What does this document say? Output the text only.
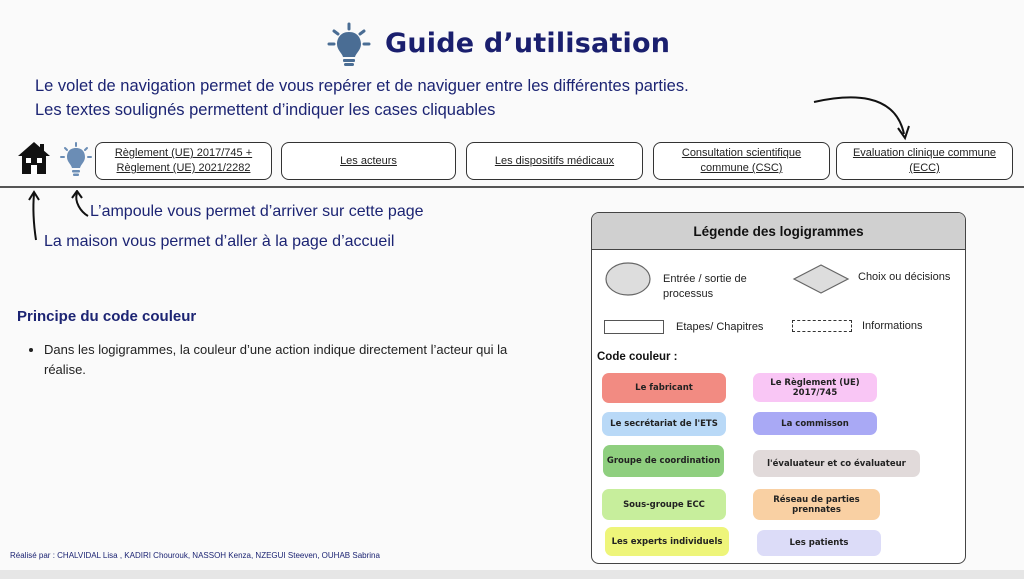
Guide d’utilisation
Le volet de navigation permet de vous repérer et de naviguer entre les différentes parties.
Les textes soulignés permettent d’indiquer les cases cliquables
Règlement (UE) 2017/745 +
Règlement (UE) 2021/2282
Les acteurs	Les dispositifs médicaux
Consultation scientifique
commune (CSC)
Evaluation clinique commune
(ECC)
L’ampoule vous permet d’arriver sur cette page
La maison vous permet d’aller à la page d’accueil
Principe du code couleur
• Dans les logigrammes, la couleur d’une action indique directement l’acteur qui la réalise.
Légende des logigrammes
Entrée / sortie de
processus
Choix ou décisions
Etapes/ Chapitres	Informations
Code couleur :
Le fabricant
Le Règlement (UE) 2017/745
Le secrétariat de l'ETS	La commisson
Groupe de coordination	l'évaluateur et co évaluateur
Sous-groupe ECC	Réseau de parties prennates
Les experts individuels	Les patients
Réalisé par : CHALVIDAL Lisa , KADIRI Chourouk, NASSOH Kenza, NZEGUI Steeven, OUHAB Sabrina
